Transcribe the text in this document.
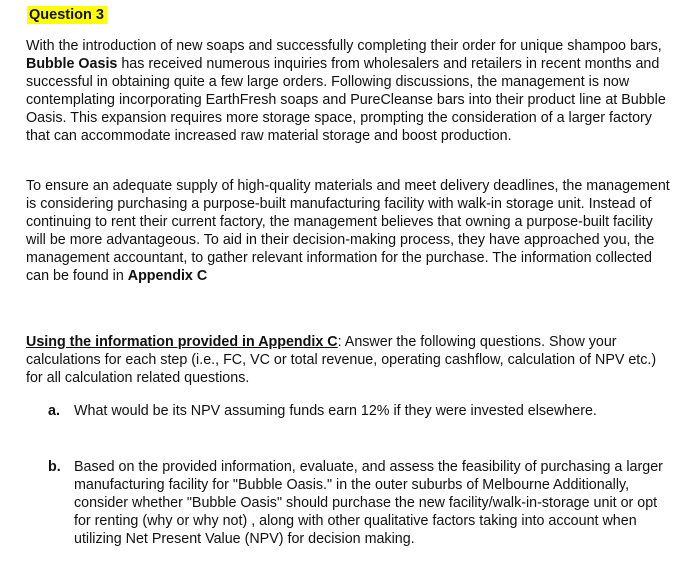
Question 3

With the introduction of new soaps and successfully completing their order for unique shampoo bars, Bubble Oasis has received numerous inquiries from wholesalers and retailers in recent months and successful in obtaining quite a few large orders. Following discussions, the management is now contemplating incorporating EarthFresh soaps and PureCleanse bars into their product line at Bubble Oasis. This expansion requires more storage space, prompting the consideration of a larger factory that can accommodate increased raw material storage and boost production.

To ensure an adequate supply of high-quality materials and meet delivery deadlines, the management is considering purchasing a purpose-built manufacturing facility with walk-in storage unit. Instead of continuing to rent their current factory, the management believes that owning a purpose-built facility will be more advantageous. To aid in their decision-making process, they have approached you, the management accountant, to gather relevant information for the purchase. The information collected can be found in Appendix C

Using the information provided in Appendix C: Answer the following questions. Show your calculations for each step (i.e., FC, VC or total revenue, operating cashflow, calculation of NPV etc.) for all calculation related questions.

a. What would be its NPV assuming funds earn 12% if they were invested elsewhere.
b. Based on the provided information, evaluate, and assess the feasibility of purchasing a larger manufacturing facility for "Bubble Oasis." in the outer suburbs of Melbourne Additionally, consider whether "Bubble Oasis" should purchase the new facility/walk-in-storage unit or opt for renting (why or why not) , along with other qualitative factors taking into account when utilizing Net Present Value (NPV) for decision making.
